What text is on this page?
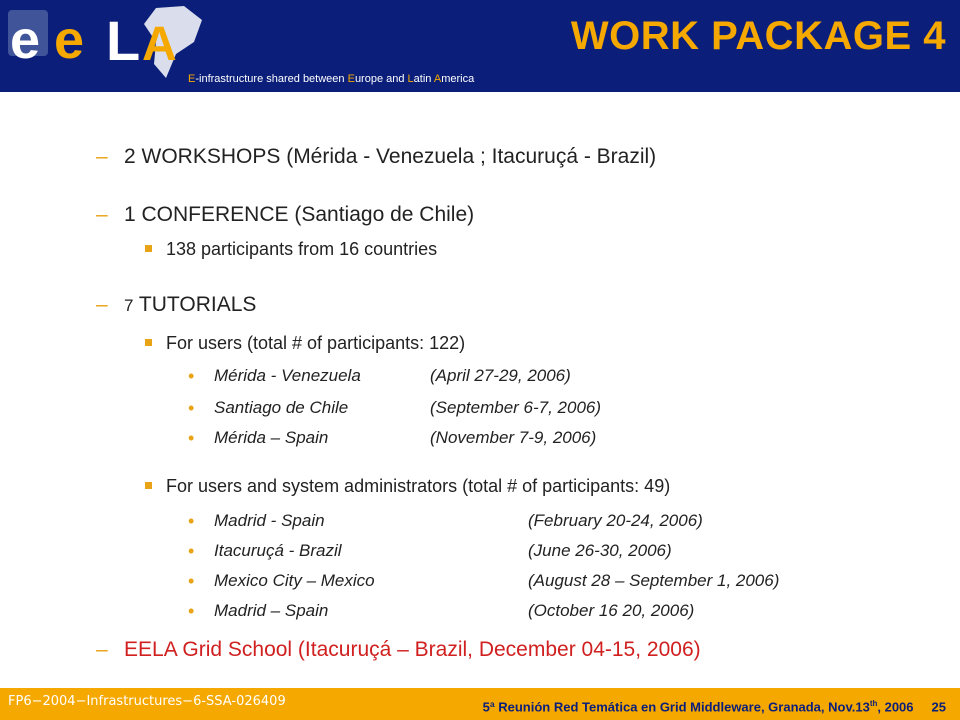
e e L A
E-infrastructure shared between Europe and Latin America
WORK PACKAGE 4
– 2 WORKSHOPS (Mérida - Venezuela ; Itacuruçá - Brazil)
– 1 CONFERENCE (Santiago de Chile)
138 participants from 16 countries
– 7 TUTORIALS
For users (total # of participants: 122)
• Mérida - Venezuela	(April 27-29, 2006)
• Santiago de Chile	(September 6-7, 2006)
• Mérida – Spain	(November 7-9, 2006)
For users and system administrators (total # of participants: 49)
• Madrid - Spain	(February 20-24, 2006)
• Itacuruçá - Brazil	(June 26-30, 2006)
• Mexico City – Mexico	(August 28 – September 1, 2006)
• Madrid – Spain	(October 16 20, 2006)
– EELA Grid School (Itacuruçá – Brazil, December 04-15, 2006)
FP6−2004−Infrastructures−6-SSA-026409	5ª Reunión Red Temática en Grid Middleware, Granada, Nov.13th, 2006 25
